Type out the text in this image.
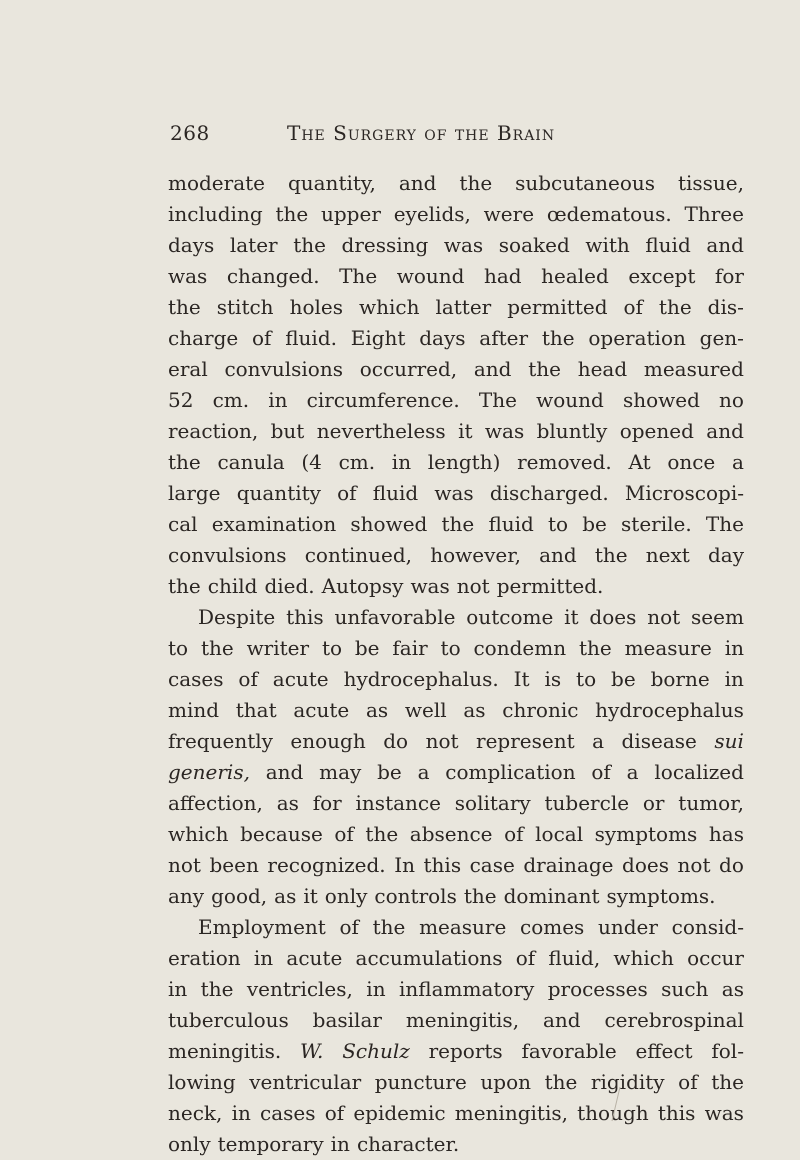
268	The Surgery of the Brain
moderate quantity, and the subcutaneous tissue,
including the upper eyelids, were œdematous. Three
days later the dressing was soaked with fluid and
was changed. The wound had healed except for
the stitch holes which latter permitted of the dis-
charge of fluid. Eight days after the operation gen-
eral convulsions occurred, and the head measured
52 cm. in circumference. The wound showed no
reaction, but nevertheless it was bluntly opened and
the canula (4 cm. in length) removed. At once a
large quantity of fluid was discharged. Microscopi-
cal examination showed the fluid to be sterile. The
convulsions continued, however, and the next day
the child died. Autopsy was not permitted.
Despite this unfavorable outcome it does not seem
to the writer to be fair to condemn the measure in
cases of acute hydrocephalus. It is to be borne in
mind that acute as well as chronic hydrocephalus
frequently enough do not represent a disease sui
generis, and may be a complication of a localized
affection, as for instance solitary tubercle or tumor,
which because of the absence of local symptoms has
not been recognized. In this case drainage does not do
any good, as it only controls the dominant symptoms.
Employment of the measure comes under consid-
eration in acute accumulations of fluid, which occur
in the ventricles, in inflammatory processes such as
tuberculous basilar meningitis, and cerebrospinal
meningitis. W. Schulz reports favorable effect fol-
lowing ventricular puncture upon the rigidity of the
neck, in cases of epidemic meningitis, though this was
only temporary in character.
